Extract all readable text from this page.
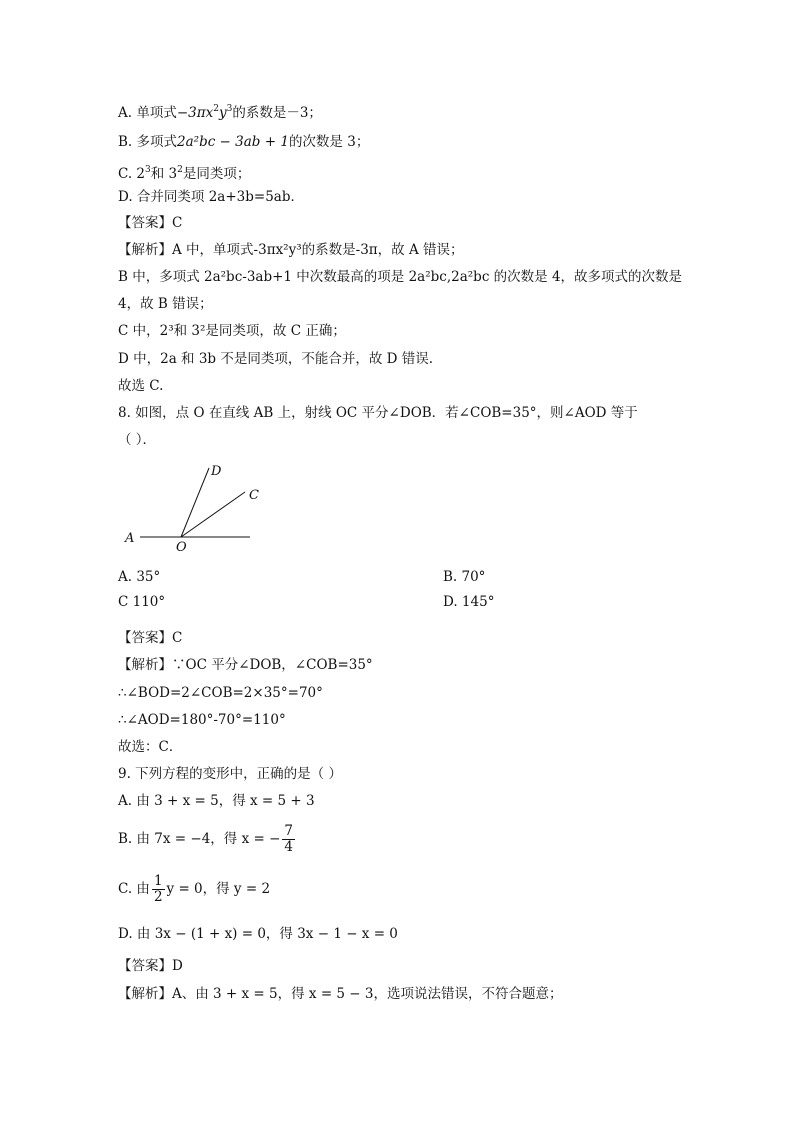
A. 单项式$-3\pi x^2y^3$的系数是－3；
B. 多项式2a²bc − 3ab + 1的次数是 3；
C. $2^3$和 $3^2$是同类项；
D. 合并同类项 2a+3b=5ab．
【答案】C
【解析】A 中，单项式-3πx²y³的系数是-3π，故 A 错误；
B 中，多项式 2a²bc-3ab+1 中次数最高的项是 2a²bc,2a²bc 的次数是 4，故多项式的次数是
4，故 B 错误；
C 中，2³和 3²是同类项，故 C 正确；
D 中，2a 和 3b 不是同类项，不能合并，故 D 错误.
故选 C.
8. 如图，点 O 在直线 AB 上，射线 OC 平分∠DOB．若∠COB=35°，则∠AOD 等于
（ ）．
A
O
C
D
A. 35°	B. 70°
C 110°	D. 145°
【答案】C
【解析】∵OC 平分∠DOB，∠COB=35°
∴∠BOD=2∠COB=2×35°=70°
∴∠AOD=180°-70°=110°
故选：C．
9. 下列方程的变形中，正确的是（ ）
A. 由 3 + x = 5，得 x = 5 + 3
B. 由 7x = −4，得 x = − $\frac{7}{4}$
C. 由 $\frac{1}{2}$ y = 0，得 y = 2
D. 由 3x − (1 + x) = 0，得 3x − 1 − x = 0
【答案】D
【解析】A、由 3 + x = 5，得 x = 5 − 3，选项说法错误，不符合题意；
